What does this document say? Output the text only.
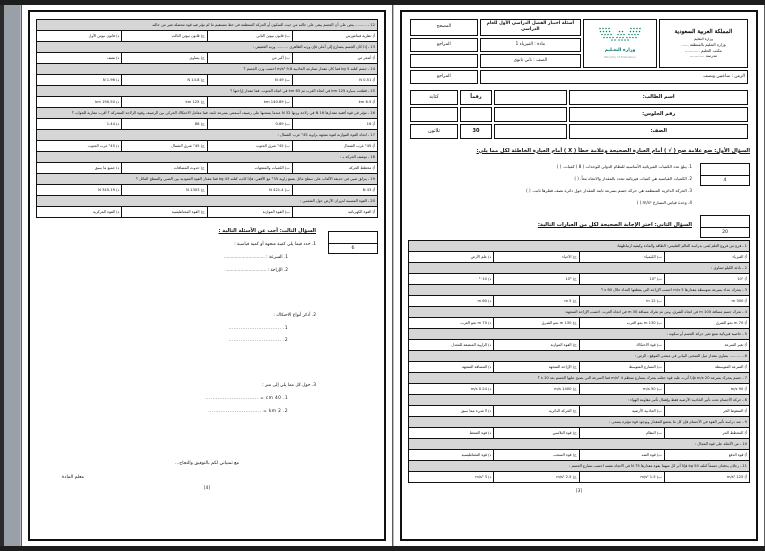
المملكة العربية السعودية
وزارة التعليم
وزارة التعليم بالمنطقة ......
مكتب التعليم ............
مدرسة ............	وزارة التعـليم
Ministry of Education	أسئلة اختبار الفصل الدراسي الأول للعام الدراسي	المصحح
		مادة : الفيزياء 1	المراجع
		الصف : ثاني ثانوي	
الزمن : ساعتين ونصف			المراجع
اسم الطالب:		رقماً	كتابة
رقم الجلوس:			
الصف:		30	ثلاثون
السؤال الأول: ضع علامة صح ( √ ) أمام العبارة الصحيحة وعلامة خطأ ( X ) أمام العبارة الخاطئة لكل مما يلي:
4
1. يبلغ عدد الكميات الفيزيائية الأساسية للنظام الدولي للوحدات ( 8 ) كميات. ( )
2. الكميات القياسية هي كميات فيزيائية تحدد بالمقدار والاتجاه معاً. ( )
3. الحركة الدائرية المنتظمة هي حركة جسم بسرعة ثابتة المقدار حول دائرة نصف قطرها ثابت. ( )
4. وحدة قياس التسارع m/s² ( )
20
السؤال الثاني: اختر الإجابة الصحيحة لكل من العبارات التالية:
1 ـ فرع من فروع العلم يُعنى بدراسة العالم الطبيعي: الطاقة والمادة وكيفية ارتباطهما:			
أ) الفيزياء	ب) الكيمياء	ج) الأحياء	د) علم الأرض
2 ـ بادئة الكيلو تساوي :			
أ) 10¹	ب) 10³	ج) 10⁶	د) 10⁻³
3 ـ يتحرك عداء بسرعة متوسطة مقدارها 5 m/s احسب الإزاحة التي يقطعها العداء خلال 60 s ؟			
أ) 300 m	ب) 12 m	ج) 5 m	د) 60 m
4 ـ تحرك جسم مسافة 100 m في اتجاه الشرق، ومن ثم تحرك مسافة 30 m في اتجاه الغرب، احسب الإزاحة المتجهة:			
أ) 70 m نحو الشرق	ب) 130 m نحو الغرب	ج) 130 m نحو الشرق	د) 70 m نحو الغرب
5 ـ خاصية فيزيائية تمنع تغير حركة الجسم أو سكونه :			
أ) تغير السرعة	ب) قوة الاحتكاك	ج) القوة الموازنة	د) الزاوية المنصفة للمعدل
6 ـ .......... يساوي مقدار ميل المنحنى البياني في منحنى الموقع ـ الزمن :			
أ) السرعة المتوسطة	ب) التسارع المتوسط	ج) الإزاحة المتجهة	د) المسافة المتجهة
7 ـ جسم يتحرك بسرعة 20 m/s فإذا أثرت عليه قوة جعلته يتحرك بتسارع منتظم 4 m/s² فما السرعة التي يصبح عليها الجسم بعد 10 s ؟			
أ) 90 m/s	ب) 50 m/s	ج) 1400 m/s	د) 0.24 m/s
8 ـ حركة الأجسام تحت تأثير الجاذبية الأرضية فقط وإهمال تأثير مقاومة الهواء :			
أ) السقوط الحر	ب) الجاذبية الأرضية	ج) الحركة الدائرية	د) لا شيء مما سبق
9 ـ عند دراسة تأثير القوة في الأجسام فإن كل ما يخضع للمقدار وبوجود قوة مؤثرة يسمى :			
أ) المخطط الحر	ب) النظام	ج) قوة التلامس	د) قوة الضغط
10 ـ من الأمثلة على قوة المجال :			
أ) قوة الدفع	ب) قوة الشد	ج) قوة السحب	د) قوة المغناطيسية
11 ـ رجلان يدفعان جسماً كتلته 50 kg فإذا أثر كل منهما بقوة مقدارها 75 N في الاتجاه نفسه احسب تسارع الجسم :			
أ) 125 m/s²	ب) 1.5 m/s²	ج) 2.5 m/s²	د) 3 m/s²
[3]
12 ـ .......... ينص على أن الجسم يبقى على حالته من حيث السكون أو الحركة المنتظمة في خط مستقيم ما لم تؤثر فيه قوة محصلة تغير من حالته			
أ) نظرية فيثاغورس	ب) قانون نيوتن الثاني	ج) قانون نيوتن الثالث	د) قانون نيوتن الأول
13 ـ إذا كان الجسم يتسارع إلى أعلى فإن وزنه الظاهري .......... وزنه الحقيقي :			
أ) أصغر من	ب) أكبر من	ج) يساوي	د) نصف
14 ـ جسم كتلته 5 kg فما كان مقدار تسارعه الجاذبية 9.8 m/s² احسب وزن الجسم ؟			
أ) 0.51 N	ب) 49 N	ج) 14.8 N	د) 1.96 N
15 ـ قطعت سيارة 125 km في اتجاه الغرب ثم 65 km في اتجاه الجنوب، فما مقدار إزاحتها ؟			
أ) 6.5 km	ب) 140.89 km	ج) 125 km	د) 190.50 km
16 ـ مؤثر في قوة أفقية مقدارها 16 N في زلاجة وزنها 32 N عندما يسحبها على رصيف أسمنتي بسرعة ثابتة، فما معامل الاحتكاك الحركي بين الرصيف وقوة الزلاجة المتحركة ؟ أقرب مقاربة للجواب ؟			
أ) 16	ب) 0.69	ج) 88	د) 1.44
17 ـ اتجاه القوة الموازنة لقوة متجهة بزاوية 45° غرب الشمال :			
أ) 45° غرب الشمال	ب) 45° شرق الجنوب	ج) 45° شرق الشمال	د) 45° غرب الجنوب
18 ـ توصف الحركة بـ :			
أ) مخطط الحركة	ب) الكميات والمتجهات	ج) حدوث المسافات	د) جميع ما سبق
19 ـ ينزلق صبي في حديقة الألعاب على سطح مائل بصنع زاوية 35° مع الأفقي، فإذا كانت كتلته 43 kg فما مقدار القوة العمودية بين الصبي والسطح المائل ؟			
أ) 43 N	ب) 421.4 N	ج) 1303 N	د) 345.19 N
20 ـ القوة المسببة لدوران الأرض حول الشمس :			
أ) القوة الكهربائية	ب) القوة الموازنة	ج) القوة المغناطيسية	د) القوة المركزية
6
السؤال الثالث: أجب عن الأسئلة التالية :
1. حدد فيما يلي كمية متجهة أو كمية قياسية :
1. السرعة : ..............................
2. الإزاحة : ..............................
2. أذكر أنواع الاحتكاك :
1. ..............................
2. ..............................
3. حول كل مما يلي إلى متر :
1. 40 cm = ..............................
2. 2 km = ..............................
مع تمنياتي لكم بالتوفيق والنجاح...
معلم المادة
[4]
